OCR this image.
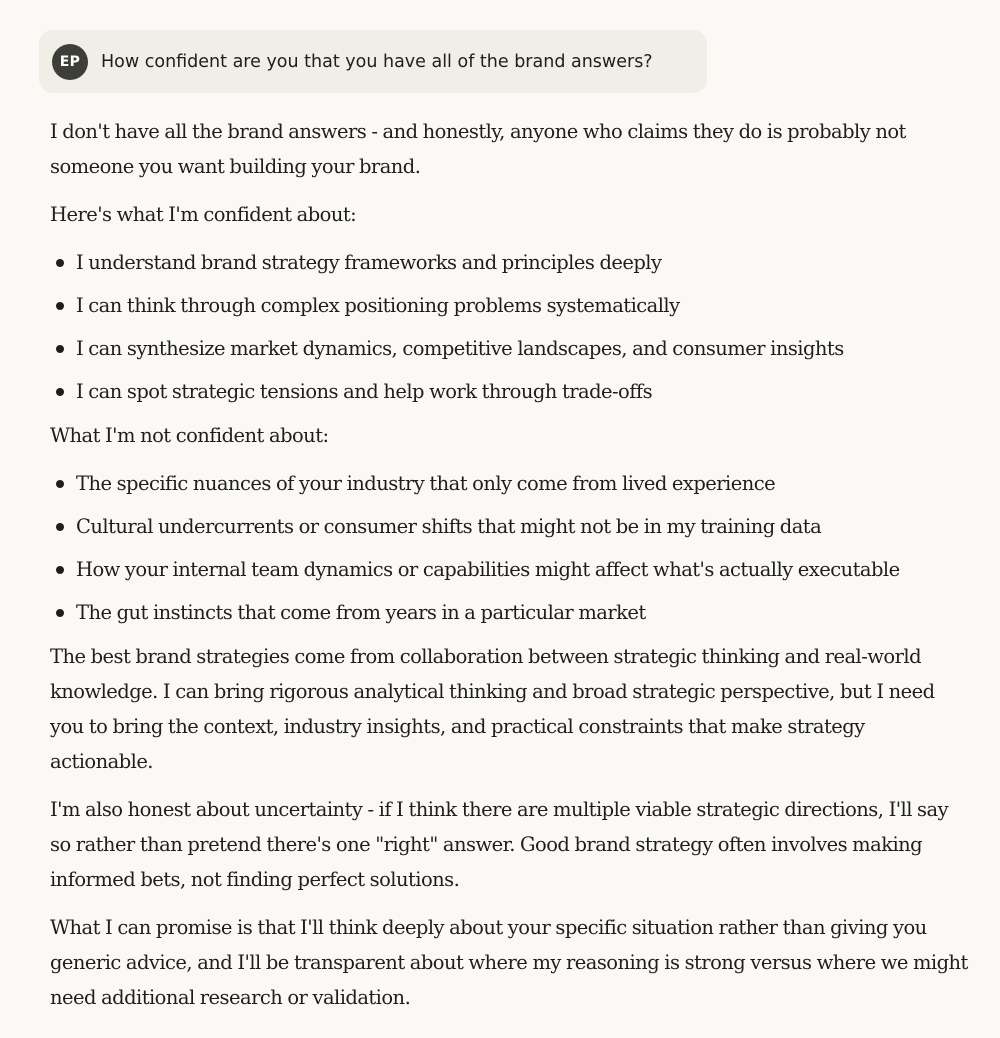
EP	How confident are you that you have all of the brand answers?

I don't have all the brand answers - and honestly, anyone who claims they do is probably not someone you want building your brand.

Here's what I'm confident about:

I understand brand strategy frameworks and principles deeply
I can think through complex positioning problems systematically
I can synthesize market dynamics, competitive landscapes, and consumer insights
I can spot strategic tensions and help work through trade-offs

What I'm not confident about:

The specific nuances of your industry that only come from lived experience
Cultural undercurrents or consumer shifts that might not be in my training data
How your internal team dynamics or capabilities might affect what's actually executable
The gut instincts that come from years in a particular market

The best brand strategies come from collaboration between strategic thinking and real-world knowledge. I can bring rigorous analytical thinking and broad strategic perspective, but I need you to bring the context, industry insights, and practical constraints that make strategy actionable.

I'm also honest about uncertainty - if I think there are multiple viable strategic directions, I'll say so rather than pretend there's one "right" answer. Good brand strategy often involves making informed bets, not finding perfect solutions.

What I can promise is that I'll think deeply about your specific situation rather than giving you generic advice, and I'll be transparent about where my reasoning is strong versus where we might need additional research or validation.
